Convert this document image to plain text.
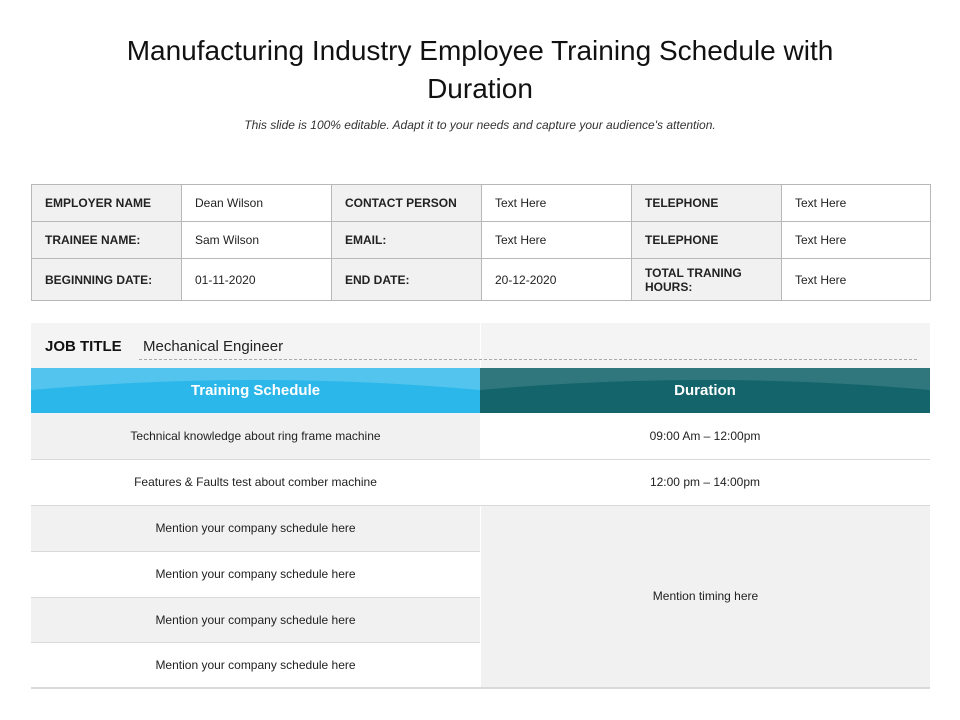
Manufacturing Industry Employee Training Schedule with Duration
This slide is 100% editable. Adapt it to your needs and capture your audience's attention.
EMPLOYER NAME	Dean Wilson	CONTACT PERSON	Text Here	TELEPHONE	Text Here
TRAINEE NAME:	Sam Wilson	EMAIL:	Text Here	TELEPHONE	Text Here
BEGINNING DATE:	01-11-2020	END DATE:	20-12-2020	TOTAL TRANING HOURS:	Text Here
JOB TITLE Mechanical Engineer
Training Schedule	Duration
Technical knowledge about ring frame machine	09:00 Am – 12:00pm
Features & Faults test about comber machine	12:00 pm – 14:00pm
Mention your company schedule here
Mention your company schedule here
Mention your company schedule here
Mention your company schedule here
Mention timing here
